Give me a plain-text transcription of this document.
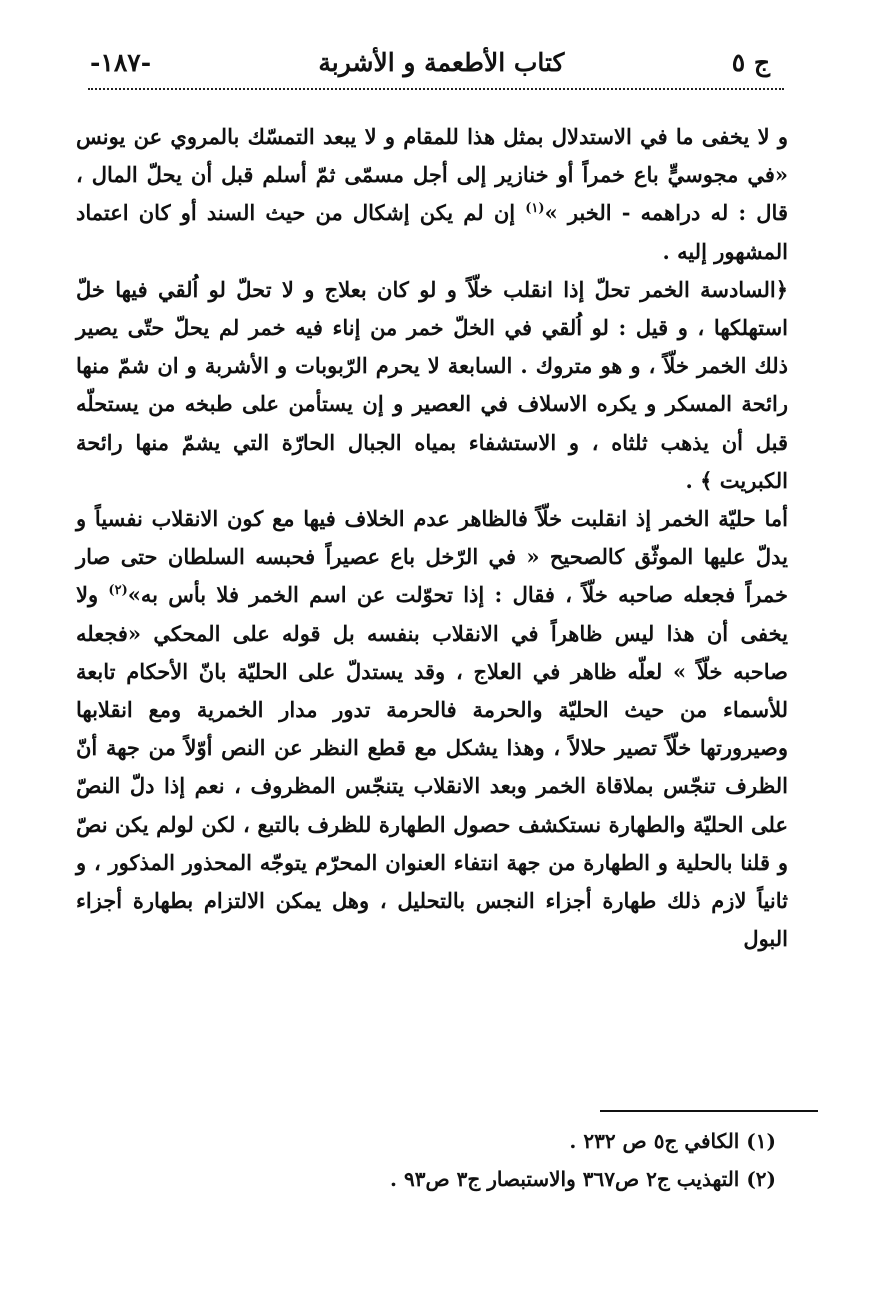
ج ٥
كتاب الأطعمة و الأشربة
-١٨٧-

و لا يخفى ما في الاستدلال بمثل هذا للمقام و لا يبعد التمسّك بالمروي عن يونس «في مجوسيٍّ باع خمراً أو خنازير إلى أجل مسمّى ثمّ أسلم قبل أن يحلّ المال ، قال : له دراهمه - الخبر »$^{(١)}$ إن لم يكن إشكال من حيث السند أو كان اعتماد المشهور إليه .

﴿السادسة الخمر تحلّ إذا انقلب خلّاً و لو كان بعلاج و لا تحلّ لو اُلقي فيها خلّ استهلكها ، و قيل : لو اُلقي في الخلّ خمر من إناء فيه خمر لم يحلّ حتّى يصير ذلك الخمر خلّاً ، و هو متروك . السابعة لا يحرم الرّبوبات و الأشربة و ان شمّ منها رائحة المسكر و يكره الاسلاف في العصير و إن يستأمن على طبخه من يستحلّه قبل أن يذهب ثلثاه ، و الاستشفاء بمياه الجبال الحارّة التي يشمّ منها رائحة الكبريت ﴾ .

أما حليّة الخمر إذ انقلبت خلّاً فالظاهر عدم الخلاف فيها مع كون الانقلاب نفسياً و يدلّ عليها الموثّق كالصحيح « في الرّخل باع عصيراً فحبسه السلطان حتى صار خمراً فجعله صاحبه خلّاً ، فقال : إذا تحوّلت عن اسم الخمر فلا بأس به»$^{(٢)}$ ولا يخفى أن هذا ليس ظاهراً في الانقلاب بنفسه بل قوله على المحكي «فجعله صاحبه خلّاً » لعلّه ظاهر في العلاج ، وقد يستدلّ على الحليّة بانّ الأحكام تابعة للأسماء من حيث الحليّة والحرمة فالحرمة تدور مدار الخمرية ومع انقلابها وصيرورتها خلّاً تصير حلالاً ، وهذا يشكل مع قطع النظر عن النص أوّلاً من جهة أنّ الظرف تنجّس بملاقاة الخمر وبعد الانقلاب يتنجّس المظروف ، نعم إذا دلّ النصّ على الحليّة والطهارة نستكشف حصول الطهارة للظرف بالتبع ، لكن لولم يكن نصّ و قلنا بالحلية و الطهارة من جهة انتفاء العنوان المحرّم يتوجّه المحذور المذكور ، و ثانياً لازم ذلك طهارة أجزاء النجس بالتحليل ، وهل يمكن الالتزام بطهارة أجزاء البول

(١) الكافي ج٥ ص ٢٣٢ .
(٢) التهذيب ج٢ ص٣٦٧ والاستبصار ج٣ ص٩٣ .
